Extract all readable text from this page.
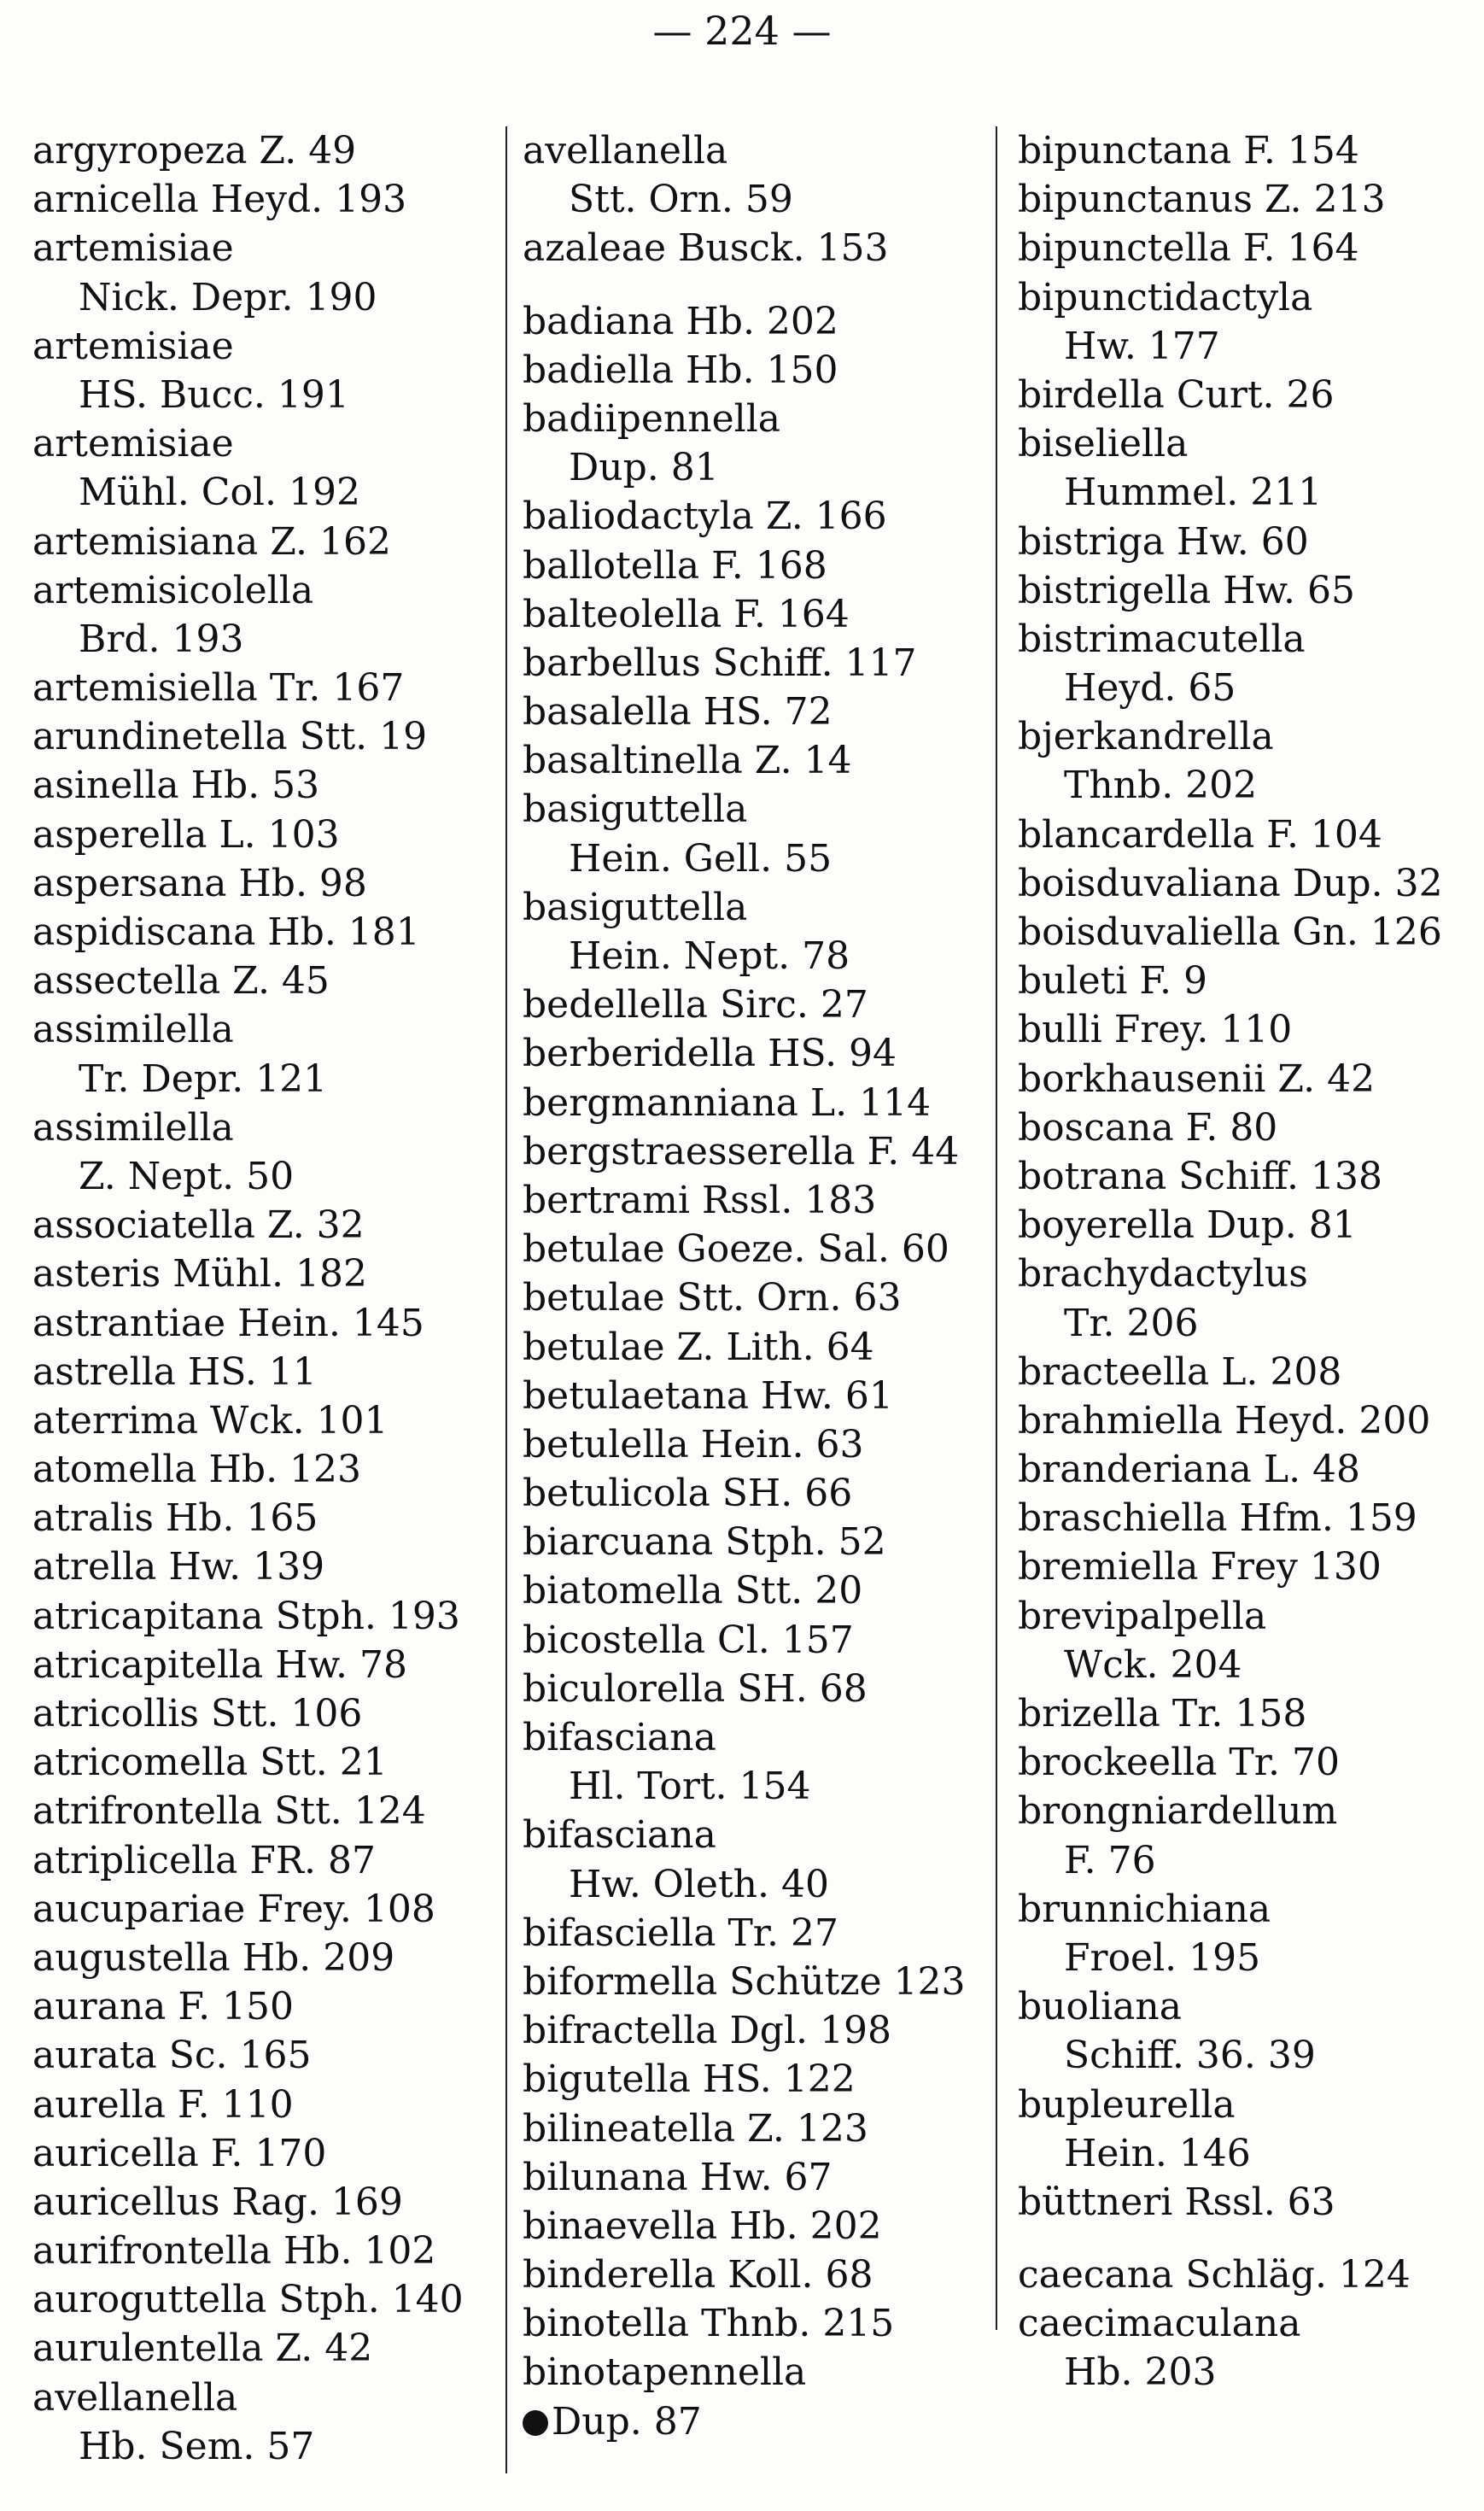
— 224 —
argyropeza Z. 49
arnicella Heyd. 193
artemisiae
Nick. Depr. 190
artemisiae
HS. Bucc. 191
artemisiae
Mühl. Col. 192
artemisiana Z. 162
artemisicolella
Brd. 193
artemisiella Tr. 167
arundinetella Stt. 19
asinella Hb. 53
asperella L. 103
aspersana Hb. 98
aspidiscana Hb. 181
assectella Z. 45
assimilella
Tr. Depr. 121
assimilella
Z. Nept. 50
associatella Z. 32
asteris Mühl. 182
astrantiae Hein. 145
astrella HS. 11
aterrima Wck. 101
atomella Hb. 123
atralis Hb. 165
atrella Hw. 139
atricapitana Stph. 193
atricapitella Hw. 78
atricollis Stt. 106
atricomella Stt. 21
atrifrontella Stt. 124
atriplicella FR. 87
aucupariae Frey. 108
augustella Hb. 209
aurana F. 150
aurata Sc. 165
aurella F. 110
auricella F. 170
auricellus Rag. 169
aurifrontella Hb. 102
auroguttella Stph. 140
aurulentella Z. 42
avellanella
Hb. Sem. 57
avellanella
Stt. Orn. 59
azaleae Busck. 153
badiana Hb. 202
badiella Hb. 150
badiipennella
Dup. 81
baliodactyla Z. 166
ballotella F. 168
balteolella F. 164
barbellus Schiff. 117
basalella HS. 72
basaltinella Z. 14
basiguttella
Hein. Gell. 55
basiguttella
Hein. Nept. 78
bedellella Sirc. 27
berberidella HS. 94
bergmanniana L. 114
bergstraesserella F. 44
bertrami Rssl. 183
betulae Goeze. Sal. 60
betulae Stt. Orn. 63
betulae Z. Lith. 64
betulaetana Hw. 61
betulella Hein. 63
betulicola SH. 66
biarcuana Stph. 52
biatomella Stt. 20
bicostella Cl. 157
biculorella SH. 68
bifasciana
Hl. Tort. 154
bifasciana
Hw. Oleth. 40
bifasciella Tr. 27
biformella Schütze 123
bifractella Dgl. 198
bigutella HS. 122
bilineatella Z. 123
bilunana Hw. 67
binaevella Hb. 202
binderella Koll. 68
binotella Thnb. 215
binotapennella
Dup. 87
bipunctana F. 154
bipunctanus Z. 213
bipunctella F. 164
bipunctidactyla
Hw. 177
birdella Curt. 26
biseliella
Hummel. 211
bistriga Hw. 60
bistrigella Hw. 65
bistrimacutella
Heyd. 65
bjerkandrella
Thnb. 202
blancardella F. 104
boisduvaliana Dup. 32
boisduvaliella Gn. 126
buleti F. 9
bulli Frey. 110
borkhausenii Z. 42
boscana F. 80
botrana Schiff. 138
boyerella Dup. 81
brachydactylus
Tr. 206
bracteella L. 208
brahmiella Heyd. 200
branderiana L. 48
braschiella Hfm. 159
bremiella Frey 130
brevipalpella
Wck. 204
brizella Tr. 158
brockeella Tr. 70
brongniardellum
F. 76
brunnichiana
Froel. 195
buoliana
Schiff. 36. 39
bupleurella
Hein. 146
büttneri Rssl. 63
caecana Schläg. 124
caecimaculana
Hb. 203
